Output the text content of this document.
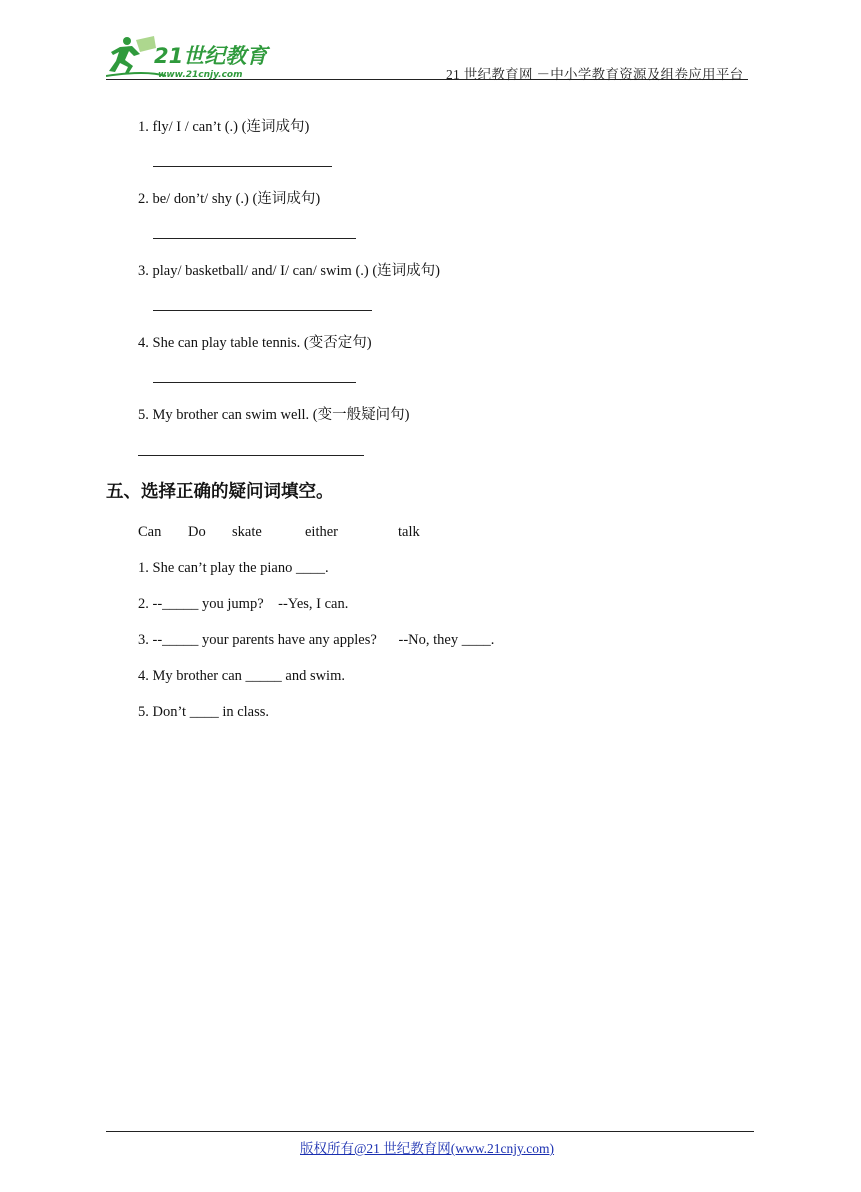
21世纪教育
www.21cnjy.com	21 世纪教育网 －中小学教育资源及组卷应用平台
1. fly/ I / can’t (.) (连词成句)
2. be/ don’t/ shy (.) (连词成句)
3. play/ basketball/ and/ I/ can/ swim (.) (连词成句)
4. She can play table tennis. (变否定句)
5. My brother can swim well. (变一般疑问句)
五、选择正确的疑问词填空。
Can Do skate	either	talk
1. She can’t play the piano ____.
2. --_____ you jump?    --Yes, I can.
3. --_____ your parents have any apples?      --No, they ____.
4. My brother can _____ and swim.
5. Don’t ____ in class.
版权所有@21 世纪教育网(www.21cnjy.com)
